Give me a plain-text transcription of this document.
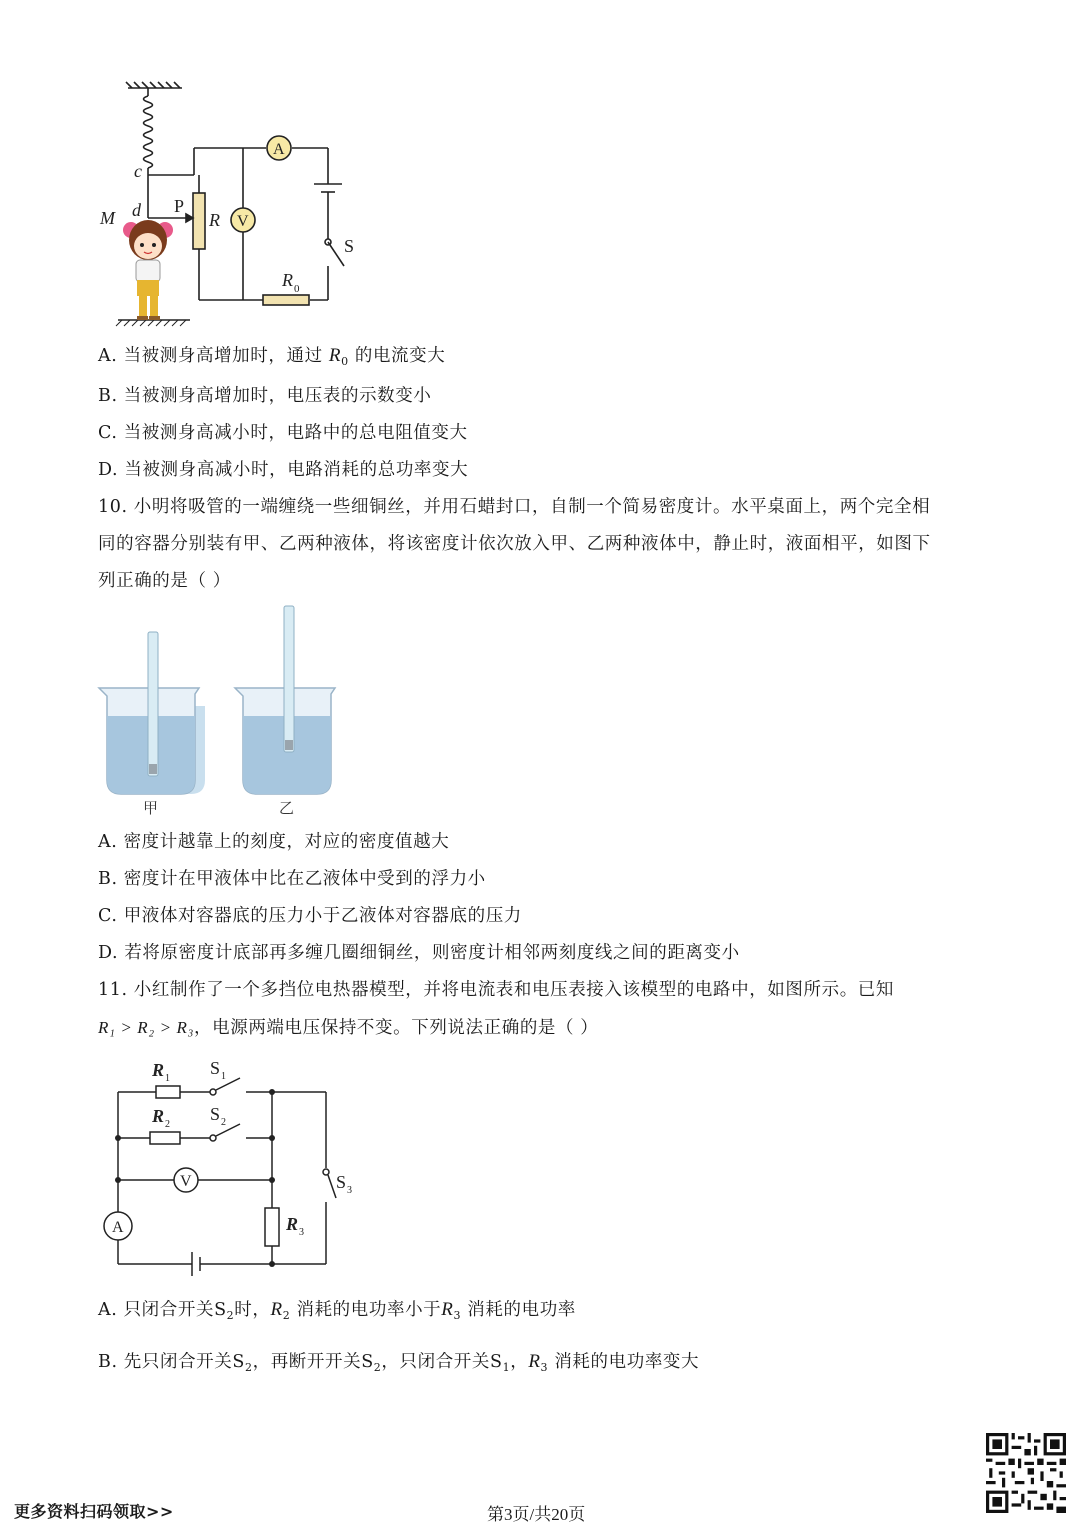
c
d
M
P
R V
A
S
R 0
A. 当被测身高增加时，通过 $R_0$ 的电流变大
B. 当被测身高增加时，电压表的示数变小
C. 当被测身高减小时，电路中的总电阻值变大
D. 当被测身高减小时，电路消耗的总功率变大
10. 小明将吸管的一端缠绕一些细铜丝，并用石蜡封口，自制一个简易密度计。水平桌面上，两个完全相
同的容器分别装有甲、乙两种液体，将该密度计依次放入甲、乙两种液体中，静止时，液面相平，如图下
列正确的是（ ）
甲	乙
A. 密度计越靠上的刻度，对应的密度值越大
B. 密度计在甲液体中比在乙液体中受到的浮力小
C. 甲液体对容器底的压力小于乙液体对容器底的压力
D. 若将原密度计底部再多缠几圈细铜丝，则密度计相邻两刻度线之间的距离变小
11. 小红制作了一个多挡位电热器模型，并将电流表和电压表接入该模型的电路中，如图所示。已知
R₁ > R₂ > R₃，电源两端电压保持不变。下列说法正确的是（ ）
R 1
S 1
R 2
S 2
S 3
R 3
V
A
A. 只闭合开关$S_2$时，$R_2$ 消耗的电功率小于$R_3$ 消耗的电功率
B. 先只闭合开关$S_2$，再断开开关$S_2$，只闭合开关$S_1$，$R_3$ 消耗的电功率变大
更多资料扫码领取>>	第3页/共20页
